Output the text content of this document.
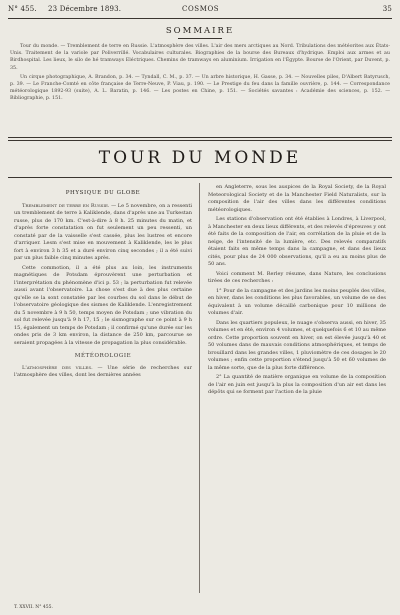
N° 455. 23 Décembre 1893.	COSMOS	35
SOMMAIRE

Tour du monde. — Tremblement de terre en Russie. L'atmosphère des villes. L'air des mers arctiques au Nord. Tribulations des météorites aux États-Unis. Traitement de la variole par Poliverrillé. Vocabulaires culturales. Biographies de la bourse des Bureaux d'hydrique. Emploi aux armes et au Birdhospital. Les lieux, le silo de hé tramways Eléctriques. Chemins de tramways en aluminium. Irrigation en l'Égypte. Bourse de l'Orient, par Duvent, p. 35.

Un cirque photographique, A. Brandon, p. 34. — Tyndall, C. M., p. 37. — Un arbre historique, H. Gasse, p. 34. — Nouvelles piles, D'Albert Batyrusch, p. 39. — Le Franche-Comté en côte française de Terre-Neuve, P. Viau, p. 190. — Le Prestige du feu dans la famille ouvrière, p. 144. — Correspondance météorologique 1892-93 (suite), A. L. Baratin, p. 146. — Les postes en Chine, p. 151. — Sociétés savantes : Académie des sciences, p. 152. — Bibliographie, p. 151.

TOUR DU MONDE
PHYSIQUE DU GLOBE

Tremblement de terre en Russie. — Le 5 novembre, on a ressenti un tremblement de terre à Kaliklende, dans d'après une au Turkestan russe, plus de 170 km. C'est-à-dire à 8 h. 25 minutes du matin, et d'après forte constatation on fut seulement un peu ressenti, un constaté par de la vaisselle s'est cassée, plus les lustres et encore d'arriquer. Lesm s'est mise en mouvement à Kaliklende, les le plus fort à environ 3 h 35 et a duré environ cinq secondes ; il a été suivi par un plus faible cinq minutes après.

Cette commotion, il a été plus au loin, les instruments magnétiques de Potsdam éprouvèrent une perturbation et l'interprétation du phénomène d'ici p. 53 ; la perturbation fut relevée aussi avant l'observatoire. La chose s'est due à des plus certaine qu'elle se la sont constatée par les courbes du sol dans le début de l'observatoire géologique des sismes de Kaliklende. L'enregistrement du 5 novembre à 9 h 50, temps moyen de Potsdam ; une vibration du sol fut relevée jusqu'à 9 h 17, 15 ; le sismographe sur ce point à 9 h 15, également un temps de Potsdam ; il confirmé qu'une durée sur les ondes pris de 3 km environ, la distance de 250 km, parcourue se seraient propagées à la vitesse de propagation la plus considérable.

MÉTÉOROLOGIE

L'atmosphère des villes. — Une série de recherches sur l'atmosphère des villes, dont les dernières années

en Angleterre, sous les auspices de la Royal Society, de la Royal Meteorological Society et de la Manchester Field Naturalists, sur la composition de l'air des villes dans les différentes conditions météorologiques.

Les stations d'observation ont été établies à Londres, à Liverpool, à Manchester en deux lieux différents, et des relevés d'épreuves y ont été faits de la composition de l'air, en corrélation de la pluie et de la neige, de l'intensité de la lumière, etc. Des relevés comparatifs étaient faits en même temps dans la campagne, et dans des lieux cités, pour plus de 24 000 observations, qu'il a eu au moins plus de 50 ans.

Voici comment M. Rerley résume, dans Nature, les conclusions tirées de ces recherches :

1° Pour de la campagne et des jardins les moins peuplés des villes, en hiver, dans les conditions les plus favorables, un volume de se des équivalent à un volume décaillé carbonique pour 10 millions de volumes d'air.

Dans les quartiers populeux, le nuage s'observa aussi, en hiver, 35 volumes et en été, environ 4 volumes, et quelquefois 6 et 10 au même ordre. Cette proportion souvent en hiver, on est élevée jusqu'à 40 et 50 volumes dans de mauvais conditions atmosphériques, et temps de brouillard dans les grandes villes, 1 pluviomètre de ces dosages le 20 volumes ; enfin cette proportion s'étend jusqu'à 50 et 60 volumes de la même sorte, que de la plus forte différence.

2° La quantité de matière organique en volume de la composition de l'air en juin est jusqu'à la plus la composition d'un air est dans les dépôts qui se forment par l'action de la pluie

T. XXVII. N° 455.
